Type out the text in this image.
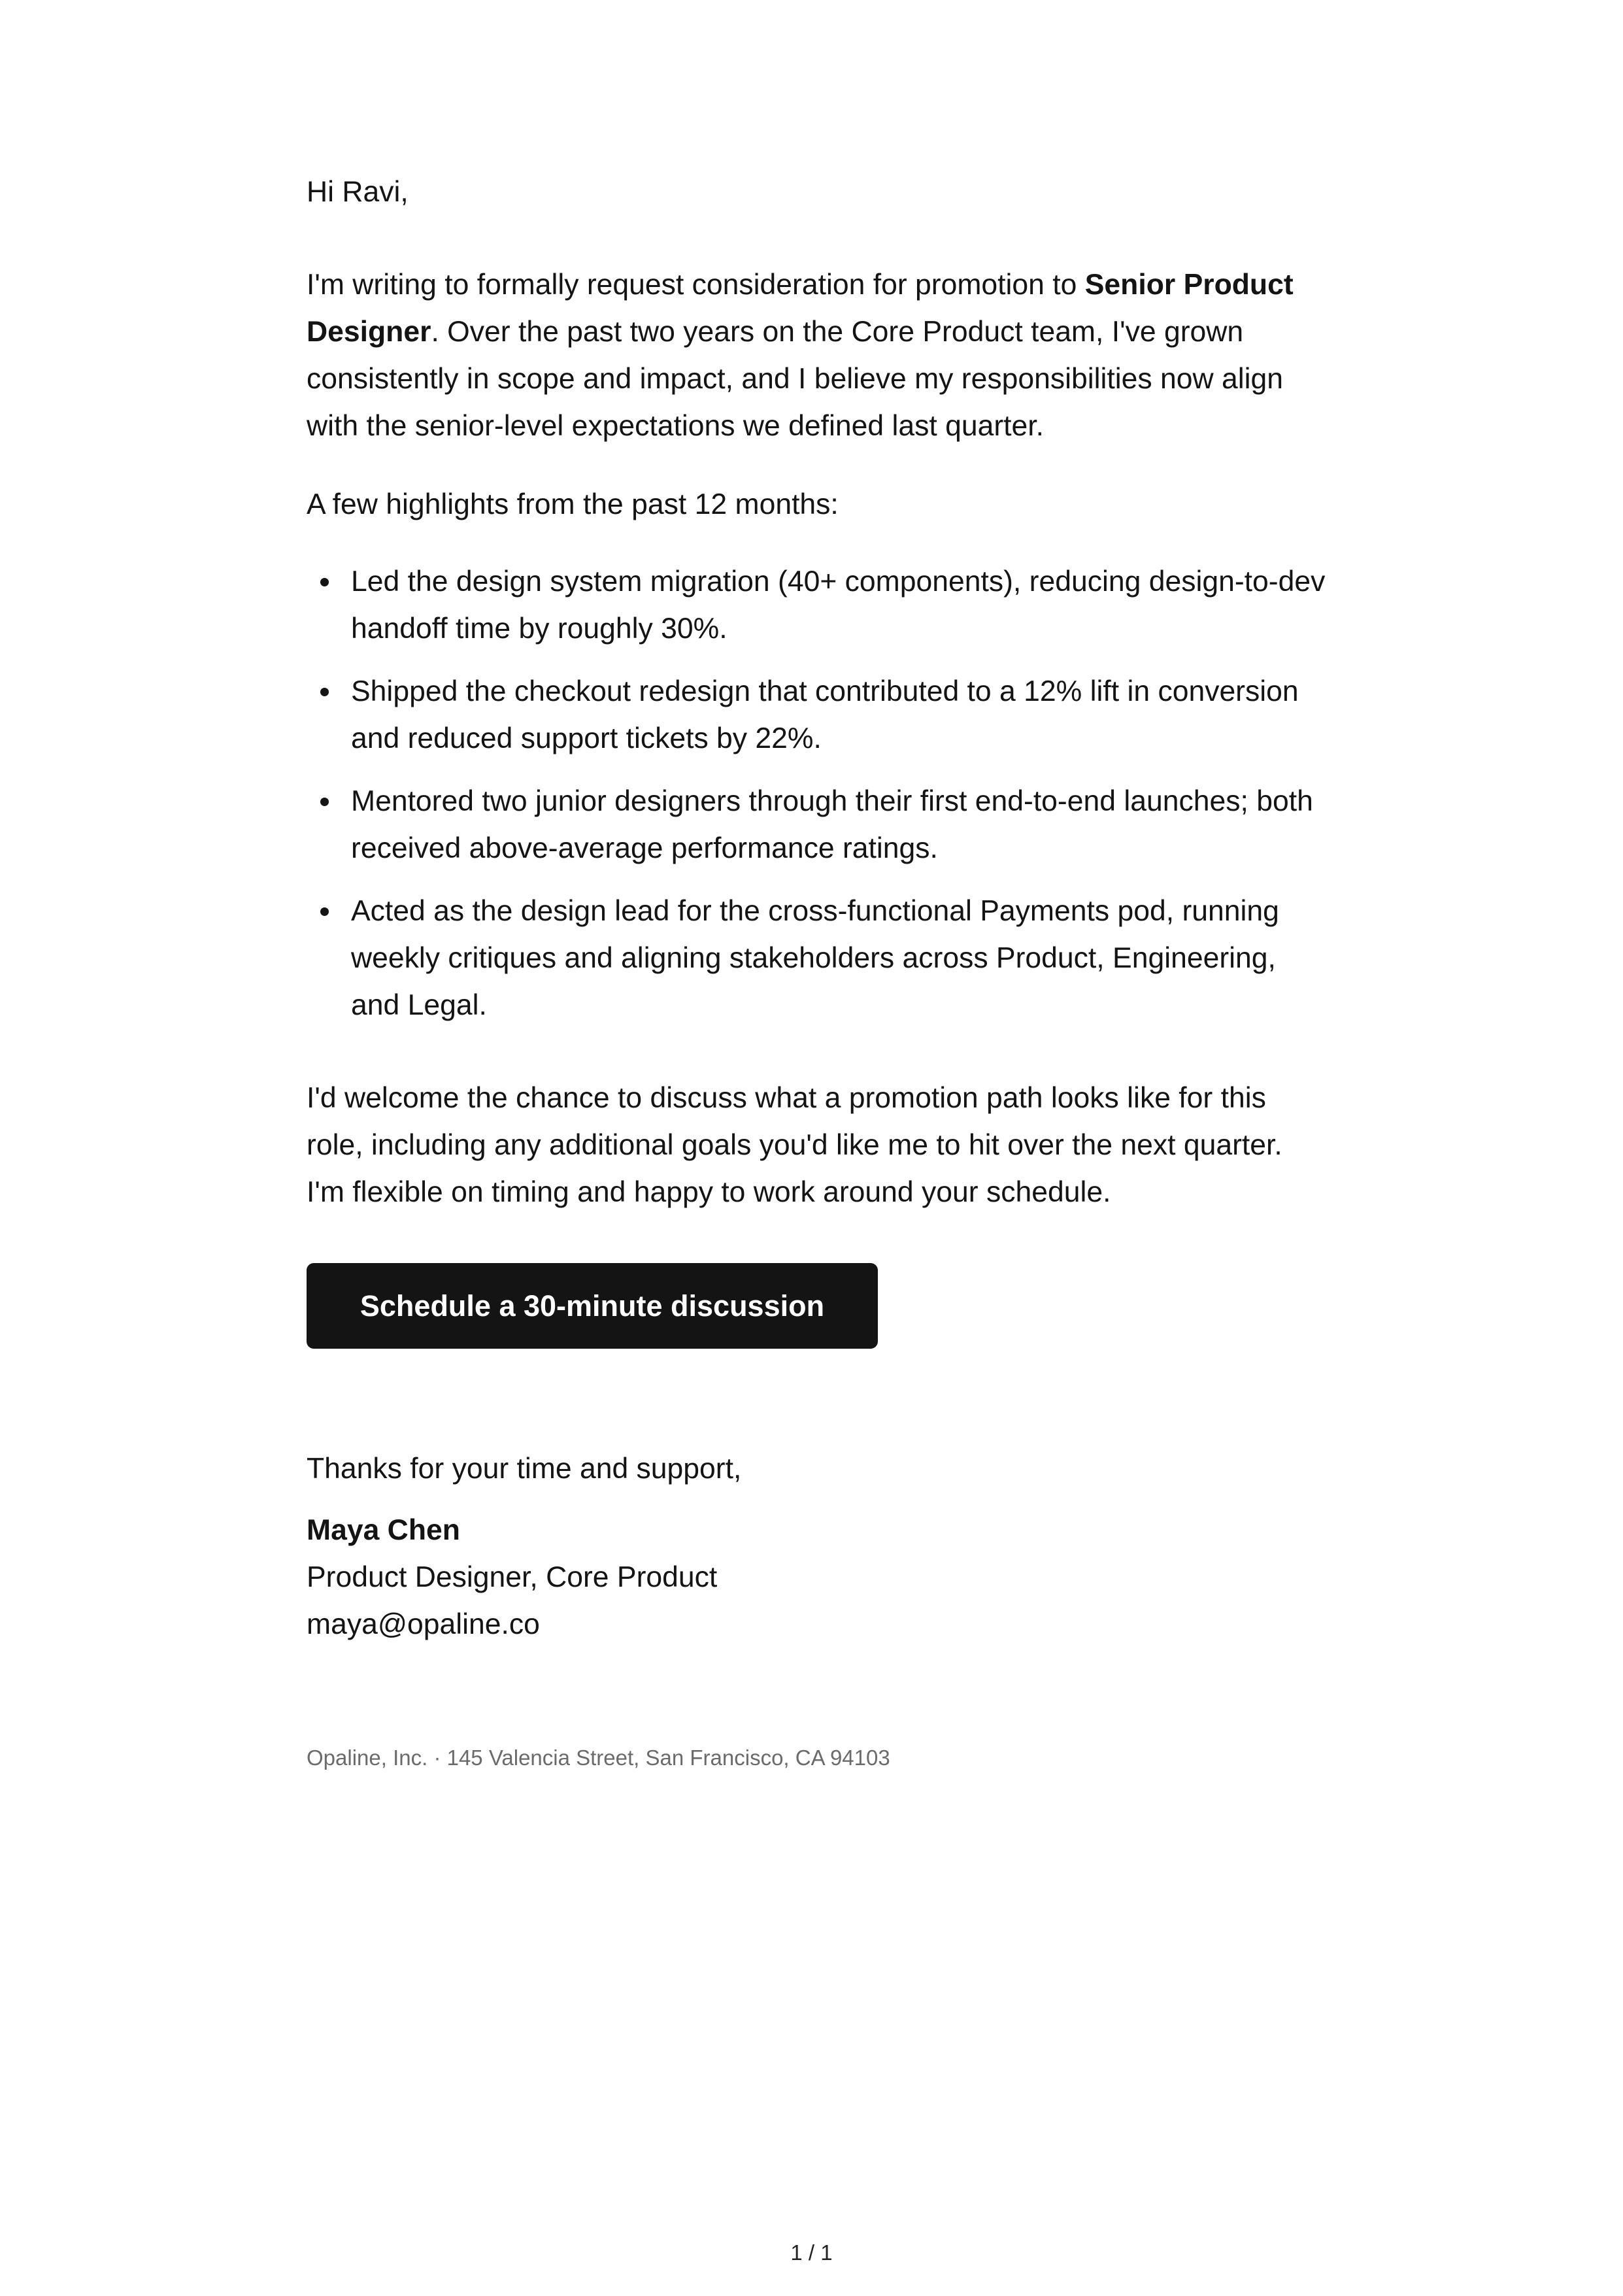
Hi Ravi,

I'm writing to formally request consideration for promotion to Senior Product Designer. Over the past two years on the Core Product team, I've grown consistently in scope and impact, and I believe my responsibilities now align with the senior-level expectations we defined last quarter.

A few highlights from the past 12 months:

Led the design system migration (40+ components), reducing design-to-dev handoff time by roughly 30%.
Shipped the checkout redesign that contributed to a 12% lift in conversion and reduced support tickets by 22%.
Mentored two junior designers through their first end-to-end launches; both received above-average performance ratings.
Acted as the design lead for the cross-functional Payments pod, running weekly critiques and aligning stakeholders across Product, Engineering, and Legal.

I'd welcome the chance to discuss what a promotion path looks like for this role, including any additional goals you'd like me to hit over the next quarter. I'm flexible on timing and happy to work around your schedule.

Schedule a 30-minute discussion

Thanks for your time and support,

Maya Chen
Product Designer, Core Product
maya@opaline.co
Opaline, Inc. · 145 Valencia Street, San Francisco, CA 94103
1 / 1
